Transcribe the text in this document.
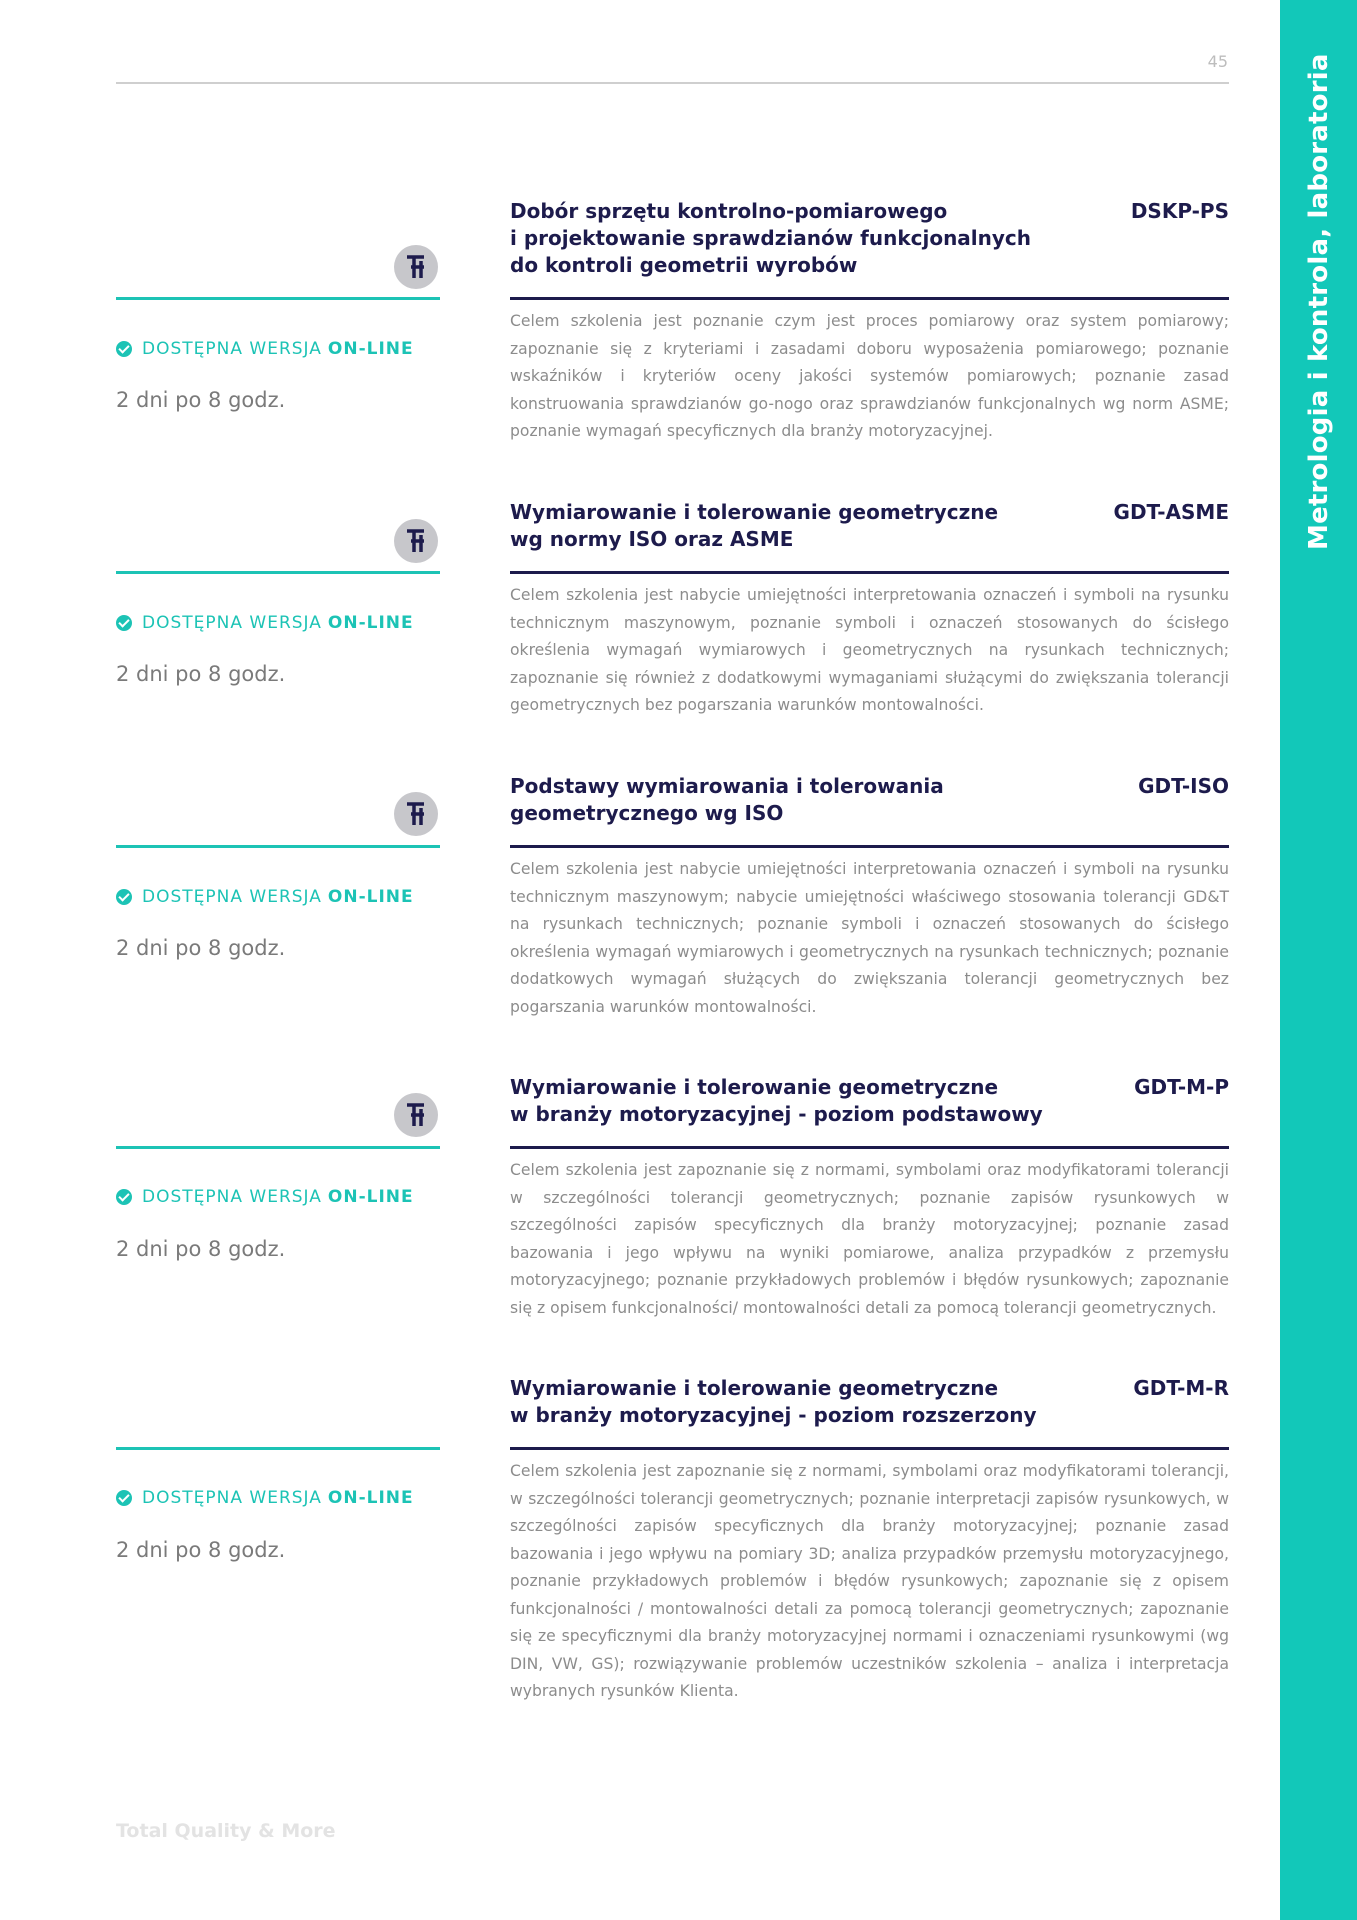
45	Metrologia i kontrola, laboratoria
DOSTĘPNA WERSJA ON-LINE
2 dni po 8 godz.
Dobór sprzętu kontrolno-pomiarowego
i projektowanie sprawdzianów funkcjonalnych
do kontroli geometrii wyrobów
DSKP-PS

Celem szkolenia jest poznanie czym jest proces pomiarowy oraz system pomiarowy; zapoznanie się z kryteriami i zasadami doboru wyposażenia pomiarowego; poznanie wskaźników i kryteriów oceny jakości systemów pomiarowych; poznanie zasad konstruowania sprawdzianów go-nogo oraz sprawdzianów funkcjonalnych wg norm ASME; poznanie wymagań specyficznych dla branży motoryzacyjnej.

DOSTĘPNA WERSJA ON-LINE
2 dni po 8 godz.
Wymiarowanie i tolerowanie geometryczne
wg normy ISO oraz ASME
GDT-ASME

Celem szkolenia jest nabycie umiejętności interpretowania oznaczeń i symboli na rysunku technicznym maszynowym, poznanie symboli i oznaczeń stosowanych do ścisłego określenia wymagań wymiarowych i geometrycznych na rysunkach technicznych; zapoznanie się również z dodatkowymi wymaganiami służącymi do zwiększania tolerancji geometrycznych bez pogarszania warunków montowalności.

DOSTĘPNA WERSJA ON-LINE
2 dni po 8 godz.
Podstawy wymiarowania i tolerowania
geometrycznego wg ISO
GDT-ISO

Celem szkolenia jest nabycie umiejętności interpretowania oznaczeń i symboli na rysunku technicznym maszynowym; nabycie umiejętności właściwego stosowania tolerancji GD&T na rysunkach technicznych; poznanie symboli i oznaczeń stosowanych do ścisłego określenia wymagań wymiarowych i geometrycznych na rysunkach technicznych; poznanie dodatkowych wymagań służących do zwiększania tolerancji geometrycznych bez pogarszania warunków montowalności.

DOSTĘPNA WERSJA ON-LINE
2 dni po 8 godz.
Wymiarowanie i tolerowanie geometryczne
w branży motoryzacyjnej - poziom podstawowy
GDT-M-P

Celem szkolenia jest zapoznanie się z normami, symbolami oraz modyfikatorami tolerancji w szczególności tolerancji geometrycznych; poznanie zapisów rysunkowych w szczególności zapisów specyficznych dla branży motoryzacyjnej; poznanie zasad bazowania i jego wpływu na wyniki pomiarowe, analiza przypadków z przemysłu motoryzacyjnego; poznanie przykładowych problemów i błędów rysunkowych; zapoznanie się z opisem funkcjonalności/ montowalności detali za pomocą tolerancji geometrycznych.

DOSTĘPNA WERSJA ON-LINE
2 dni po 8 godz.
Wymiarowanie i tolerowanie geometryczne
w branży motoryzacyjnej - poziom rozszerzony
GDT-M-R

Celem szkolenia jest zapoznanie się z normami, symbolami oraz modyfikatorami tolerancji, w szczególności tolerancji geometrycznych; poznanie interpretacji zapisów rysunkowych, w szczególności zapisów specyficznych dla branży motoryzacyjnej; poznanie zasad bazowania i jego wpływu na pomiary 3D; analiza przypadków przemysłu motoryzacyjnego, poznanie przykładowych problemów i błędów rysunkowych; zapoznanie się z opisem funkcjonalności / montowalności detali za pomocą tolerancji geometrycznych; zapoznanie się ze specyficznymi dla branży motoryzacyjnej normami i oznaczeniami rysunkowymi (wg DIN, VW, GS); rozwiązywanie problemów uczestników szkolenia – analiza i interpretacja wybranych rysunków Klienta.

Total Quality & More
